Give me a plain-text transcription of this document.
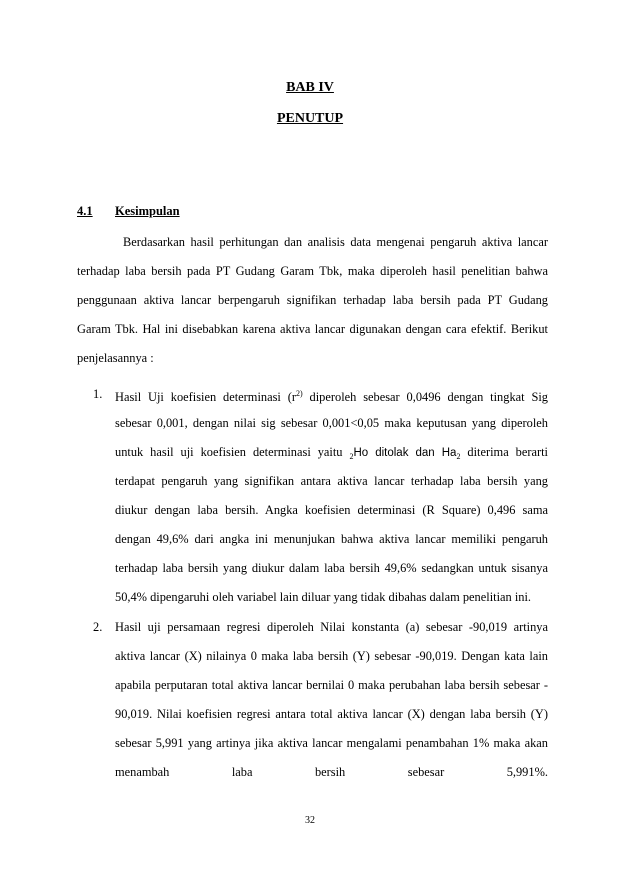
BAB IV
PENUTUP
4.1 Kesimpulan
Berdasarkan hasil perhitungan dan analisis data mengenai pengaruh aktiva lancar
terhadap laba bersih pada PT Gudang Garam Tbk, maka diperoleh hasil penelitian bahwa
penggunaan aktiva lancar berpengaruh signifikan terhadap laba bersih pada PT Gudang
Garam Tbk. Hal ini disebabkan karena aktiva lancar digunakan dengan cara efektif. Berikut
penjelasannya :
1. Hasil Uji koefisien determinasi ($r^{2)}$ diperoleh sebesar 0,0496 dengan tingkat Sig
sebesar 0,001, dengan nilai sig sebesar 0,001<0,05 maka keputusan yang diperoleh
untuk hasil uji koefisien determinasi yaitu $_2$Ho ditolak dan $Ha_2$ diterima berarti
terdapat pengaruh yang signifikan antara aktiva lancar terhadap laba bersih yang
diukur dengan laba bersih. Angka koefisien determinasi (R Square) 0,496 sama
dengan 49,6% dari angka ini menunjukan bahwa aktiva lancar memiliki pengaruh
terhadap laba bersih yang diukur dalam laba bersih 49,6% sedangkan untuk sisanya
50,4% dipengaruhi oleh variabel lain diluar yang tidak dibahas dalam penelitian ini.
2. Hasil uji persamaan regresi diperoleh Nilai konstanta (a) sebesar -90,019 artinya
aktiva lancar (X) nilainya 0 maka laba bersih (Y) sebesar -90,019. Dengan kata lain
apabila perputaran total aktiva lancar bernilai 0 maka perubahan laba bersih sebesar -
90,019. Nilai koefisien regresi antara total aktiva lancar (X) dengan laba bersih (Y)
sebesar 5,991 yang artinya jika aktiva lancar mengalami penambahan 1% maka akan
menambah laba bersih sebesar 5,991%.
32
